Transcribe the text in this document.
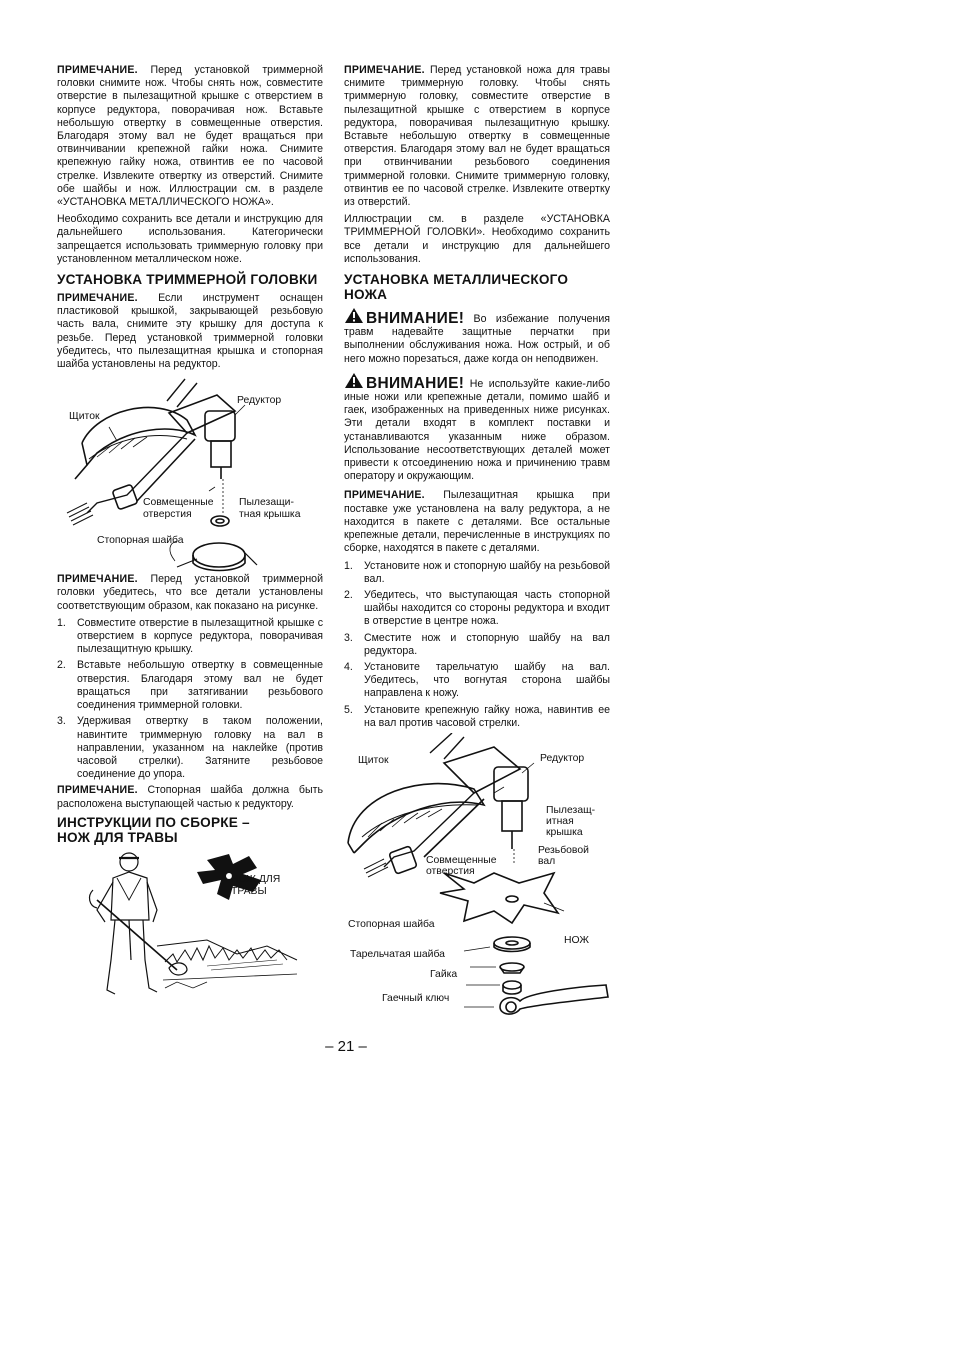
ПРИМЕЧАНИЕ. Перед установкой триммерной головки снимите нож. Чтобы снять нож, совместите отверстие в пылезащитной крышке с отверстием в корпусе редуктора, поворачивая нож. Вставьте небольшую отвертку в совмещенные отверстия. Благодаря этому вал не будет вращаться при отвинчивании крепежной гайки ножа. Снимите крепежную гайку ножа, отвинтив ее по часовой стрелке. Извлеките отвертку из отверстий. Снимите обе шайбы и нож. Иллюстрации см. в разделе «УСТАНОВКА МЕТАЛЛИЧЕСКОГО НОЖА».

Необходимо сохранить все детали и инструкцию для дальнейшего использования. Категорически запрещается использовать триммерную головку при установленном металлическом ноже.

УСТАНОВКА ТРИММЕРНОЙ ГОЛОВКИ

ПРИМЕЧАНИЕ. Если инструмент оснащен пластиковой крышкой, закрывающей резьбовую часть вала, снимите эту крышку для доступа к резьбе. Перед установкой триммерной головки убедитесь, что пылезащитная крышка и стопорная шайба установлены на редуктор.

Щиток
Редуктор
Совмещенные
отверстия
Пылезащи-
тная крышка
Стопорная шайба

ПРИМЕЧАНИЕ. Перед установкой триммерной головки убедитесь, что все детали установлены соответствующим образом, как показано на рисунке.

1. Совместите отверстие в пылезащитной крышке с отверстием в корпусе редуктора, поворачивая пылезащитную крышку.
2. Вставьте небольшую отвертку в совмещенные отверстия. Благодаря этому вал не будет вращаться при затягивании резьбового соединения триммерной головки.
3. Удерживая отвертку в таком положении, навинтите триммерную головку на вал в направлении, указанном на наклейке (против часовой стрелки). Затяните резьбовое соединение до упора.

ПРИМЕЧАНИЕ. Стопорная шайба должна быть расположена выступающей частью к редуктору.

ИНСТРУКЦИИ ПО СБОРКЕ –
НОЖ ДЛЯ ТРАВЫ
НОЖ ДЛЯ
ТРАВЫ

ПРИМЕЧАНИЕ. Перед установкой ножа для травы снимите триммерную головку. Чтобы снять триммерную головку, совместите отверстие в пылезащитной крышке с отверстием в корпусе редуктора, поворачивая пылезащитную крышку. Вставьте небольшую отвертку в совмещенные отверстия. Благодаря этому вал не будет вращаться при отвинчивании резьбового соединения триммерной головки. Снимите триммерную головку, отвинтив ее по часовой стрелке. Извлеките отвертку из отверстий.

Иллюстрации см. в разделе «УСТАНОВКА ТРИММЕРНОЙ ГОЛОВКИ». Необходимо сохранить все детали и инструкцию для дальнейшего использования.

УСТАНОВКА МЕТАЛЛИЧЕСКОГО НОЖА

ВНИМАНИЕ! Во избежание получения травм надевайте защитные перчатки при выполнении обслуживания ножа. Нож острый, и об него можно порезаться, даже когда он неподвижен.

ВНИМАНИЕ! Не используйте какие-либо иные ножи или крепежные детали, помимо шайб и гаек, изображенных на приведенных ниже рисунках. Эти детали входят в комплект поставки и устанавливаются указанным ниже образом. Использование несоответствующих деталей может привести к отсоединению ножа и причинению травм оператору и окружающим.

ПРИМЕЧАНИЕ. Пылезащитная крышка при поставке уже установлена на валу редуктора, а не находится в пакете с деталями. Все остальные крепежные детали, перечисленные в инструкциях по сборке, находятся в пакете с деталями.

1. Установите нож и стопорную шайбу на резьбовой вал.
2. Убедитесь, что выступающая часть стопорной шайбы находится со стороны редуктора и входит в отверстие в центре ножа.
3. Сместите нож и стопорную шайбу на вал редуктора.
4. Установите тарельчатую шайбу на вал. Убедитесь, что вогнутая сторона шайбы направлена к ножу.
5. Установите крепежную гайку ножа, навинтив ее на вал против часовой стрелки.
Щиток	Редуктор
Пылезащ-
итная
крышка
Совмещенные
отверстия
Резьбовой
вал
Стопорная шайба
НОЖ
Тарельчатая шайба
Гайка
Гаечный ключ
– 21 –
